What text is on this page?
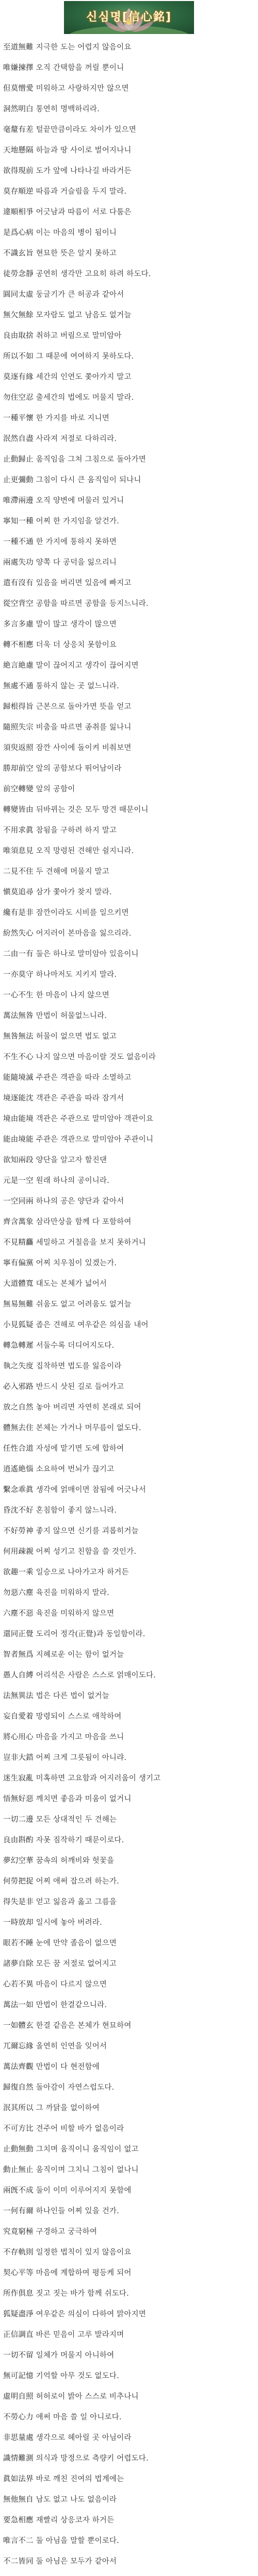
신심명[信心銘]
至道無難 지극한 도는 어렵지 않음이요
唯嫌揀擇 오직 간택함을 꺼릴 뿐이니
但莫憎愛 미워하고 사랑하지만 않으면
洞然明白 통연히 명백하리라.
毫釐有差 털끝만큼이라도 차이가 있으면
天地懸隔 하늘과 땅 사이로 벌어지나니
欲得現前 도가 앞에 나타나길 바라거든
莫存順逆 따름과 거슬림을 두지 말라.
違順相爭 어긋남과 따름이 서로 다툼은
是爲心病 이는 마음의 병이 됨이니
不識玄旨 현묘한 뜻은 알지 못하고
徒勞念靜 공연히 생각만 고요히 하려 하도다.
圓同太虛 둥글기가 큰 허공과 같아서
無欠無餘 모자람도 없고 남음도 없거늘
良由取捨 취하고 버림으로 말미암아
所以不如 그 때문에 여여하지 못하도다.
莫逐有緣 세간의 인연도 쫓아가지 말고
勿住空忍 출세간의 법에도 머물지 말라.
一種平懷 한 가지를 바로 지니면
泯然自盡 사라져 저절로 다하리라.
止動歸止 움직임을 그쳐 그침으로 돌아가면
止更彌動 그침이 다시 큰 움직임이 되나니
唯滯兩邊 오직 양변에 머물러 있거니
寧知一種 어찌 한 가지임을 알건가.
一種不通 한 가지에 통하지 못하면
兩處失功 양쪽 다 공덕을 잃으리니
遣有沒有 있음을 버리면 있음에 빠지고
從空背空 공함을 따르면 공함을 등지느니라.
多言多慮 말이 많고 생각이 많으면
轉不相應 더욱 더 상응치 못함이요
絶言絶慮 말이 끊어지고 생각이 끊어지면
無處不通 통하지 않는 곳 없느니라.
歸根得旨 근본으로 돌아가면 뜻을 얻고
隨照失宗 비춤을 따르면 종취를 잃나니
須臾返照 잠깐 사이에 돌이켜 비춰보면
勝却前空 앞의 공함보다 뛰어남이라
前空轉變 앞의 공함이
轉變皆由 뒤바뀌는 것은 모두 망견 때문이니
不用求眞 참됨을 구하려 하지 말고
唯須息見 오직 망령된 견해만 쉴지니라.
二見不住 두 견해에 머물지 말고
愼莫追尋 삼가 쫓아가 찾지 말라.
纔有是非 잠깐이라도 시비를 일으키면
紛然失心 어지러이 본마음을 잃으리라.
二由一有 둘은 하나로 말미암아 있음이니
一亦莫守 하나마저도 지키지 말라.
一心不生 한 마음이 나지 않으면
萬法無咎 만법이 허물없느니라.
無咎無法 허물이 없으면 법도 없고
不生不心 나지 않으면 마음이랄 것도 없음이라
能隨境滅 주관은 객관을 따라 소멸하고
境逐能沈 객관은 주관을 따라 잠겨서
境由能境 객관은 주관으로 말미암아 객관이요
能由境能 주관은 객관으로 말미암아 주관이니
欲知兩段 양단을 알고자 할진댄
元是一空 원래 하나의 공이니라.
一空同兩 하나의 공은 양단과 같아서
齊含萬象 삼라만상을 함께 다 포함하여
不見精麤 세밀하고 거칠음을 보지 못하거니
寧有偏黨 어찌 치우침이 있겠는가.
大道體寬 대도는 본체가 넓어서
無易無難 쉬움도 없고 어려움도 없거늘
小見狐疑 좁은 견해로 여우같은 의심을 내어
轉急轉遲 서둘수록 더디어지도다.
執之失度 집착하면 법도를 잃음이라
必入邪路 반드시 삿된 길로 들어가고
放之自然 놓아 버리면 자연히 본래로 되어
體無去住 본체는 가거나 머무름이 없도다.
任性合道 자성에 맡기면 도에 합하여
逍遙絶惱 소요하여 번뇌가 끊기고
繫念乖眞 생각에 얽매이면 참됨에 어긋나서
昏沈不好 혼침함이 좋지 않느니라.
不好勞神 좋지 않으면 신기를 괴롭히거늘
何用疎親 어찌 성기고 친함을 쓸 것인가.
欲趣一乘 일승으로 나아가고자 하거든
勿惡六塵 육진을 미워하지 말라.
六塵不惡 육진을 미워하지 않으면
還同正覺 도리어 정각(正覺)과 동일함이라.
智者無爲 지혜로운 이는 함이 없거늘
愚人自縛 어리석은 사람은 스스로 얽매이도다.
法無異法 법은 다른 법이 없거늘
妄自愛着 망령되이 스스로 애착하여
將心用心 마음을 가지고 마음을 쓰니
豈非大錯 어찌 크게 그릇됨이 아니랴.
迷生寂亂 미혹하면 고요함과 어지러움이 생기고
悟無好惡 깨치면 좋음과 미움이 없거니
一切二邊 모든 상대적인 두 견해는
良由斟酌 자못 짐작하기 때문이로다.
夢幻空華 꿈속의 허깨비와 헛꽃을
何勞把捉 어찌 애써 잡으려 하는가.
得失是非 얻고 잃음과 옳고 그름을
一時放却 일시에 놓아 버려라.
眼若不睡 눈에 만약 졸음이 없으면
諸夢自除 모든 꿈 저절로 없어지고
心若不異 마음이 다르지 않으면
萬法一如 만법이 한결같으니라.
一如體玄 한결 같음은 본체가 현묘하여
兀爾忘緣 올연히 인연을 잊어서
萬法齊觀 만법이 다 현전함에
歸復自然 돌아감이 자연스럽도다.
泯其所以 그 까닭을 없이하여
不可方比 견주어 비할 바가 없음이라
止動無動 그치며 움직이니 움직임이 없고
動止無止 움직이며 그치니 그침이 없나니
兩旣不成 둘이 이미 이루어지지 못함에
一何有爾 하나인들 어찌 있을 건가.
究竟窮極 구경하고 궁극하여
不存軌則 일정한 법칙이 있지 않음이요
契心平等 마음에 계합하여 평등케 되어
所作俱息 짓고 짓는 바가 함께 쉬도다.
狐疑盡淨 여우같은 의심이 다하여 맑아지면
正信調直 바른 믿음이 고루 발라지며
一切不留 일체가 머물지 아니하여
無可記憶 기억할 아무 것도 없도다.
虛明自照 허허로이 밝아 스스로 비추나니
不勞心力 애써 마음 쓸 일 아니로다.
非思量處 생각으로 헤아릴 곳 아님이라
識情難測 의식과 망정으로 측량키 어렵도다.
眞如法界 바로 깨친 진여의 법계에는
無他無自 남도 없고 나도 없음이라
要急相應 재빨리 상응코자 하거든
唯言不二 둘 아님을 말할 뿐이로다.
不二皆同 둘 아님은 모두가 같아서
